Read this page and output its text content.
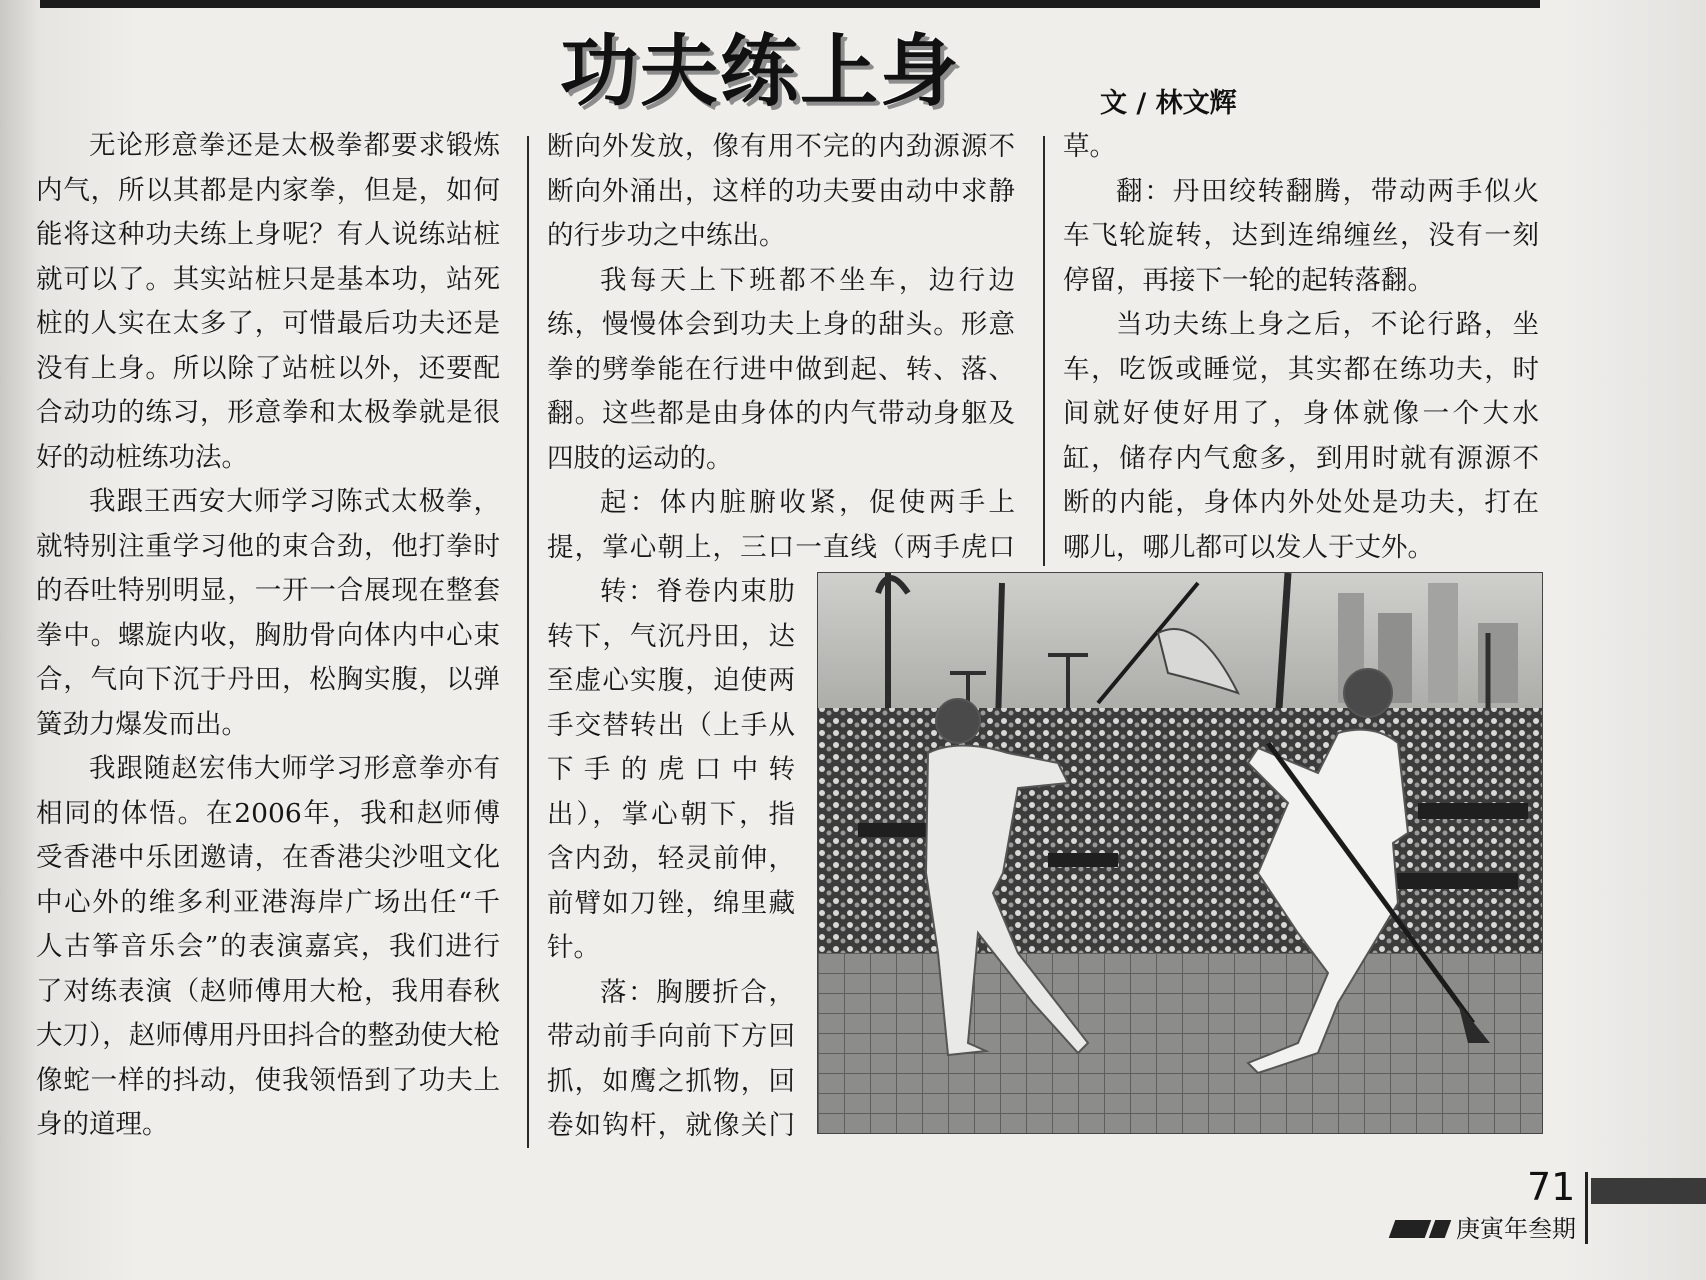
功夫练上身	文 / 林文辉

无论形意拳还是太极拳都要求锻炼内气，所以其都是内家拳，但是，如何能将这种功夫练上身呢？有人说练站桩就可以了。其实站桩只是基本功，站死桩的人实在太多了，可惜最后功夫还是没有上身。所以除了站桩以外，还要配合动功的练习，形意拳和太极拳就是很好的动桩练功法。

我跟王西安大师学习陈式太极拳，就特别注重学习他的束合劲，他打拳时的吞吐特别明显，一开一合展现在整套拳中。螺旋内收，胸肋骨向体内中心束合，气向下沉于丹田，松胸实腹，以弹簧劲力爆发而出。

我跟随赵宏伟大师学习形意拳亦有相同的体悟。在2006年，我和赵师傅受香港中乐团邀请，在香港尖沙咀文化中心外的维多利亚港海岸广场出任“千人古筝音乐会”的表演嘉宾，我们进行了对练表演（赵师傅用大枪，我用春秋大刀），赵师傅用丹田抖合的整劲使大枪像蛇一样的抖动，使我领悟到了功夫上身的道理。

断向外发放，像有用不完的内劲源源不断向外涌出，这样的功夫要由动中求静的行步功之中练出。

我每天上下班都不坐车，边行边练，慢慢体会到功夫上身的甜头。形意拳的劈拳能在行进中做到起、转、落、翻。这些都是由身体的内气带动身躯及四肢的运动的。

起：体内脏腑收紧，促使两手上提，掌心朝上，三口一直线（两手虎口

转：脊卷内束肋转下，气沉丹田，达至虚心实腹，迫使两手交替转出（上手从下手的虎口中转出），掌心朝下，指含内劲，轻灵前伸，前臂如刀锉，绵里藏针。

落：胸腰折合，带动前手向前下方回抓，如鹰之抓物，回卷如钩杆，就像关门

草。

翻：丹田绞转翻腾，带动两手似火车飞轮旋转，达到连绵缠丝，没有一刻停留，再接下一轮的起转落翻。

当功夫练上身之后，不论行路，坐车，吃饭或睡觉，其实都在练功夫，时间就好使好用了，身体就像一个大水缸，储存内气愈多，到用时就有源源不断的内能，身体内外处处是功夫，打在哪儿，哪儿都可以发人于丈外。

71
庚寅年叁期
